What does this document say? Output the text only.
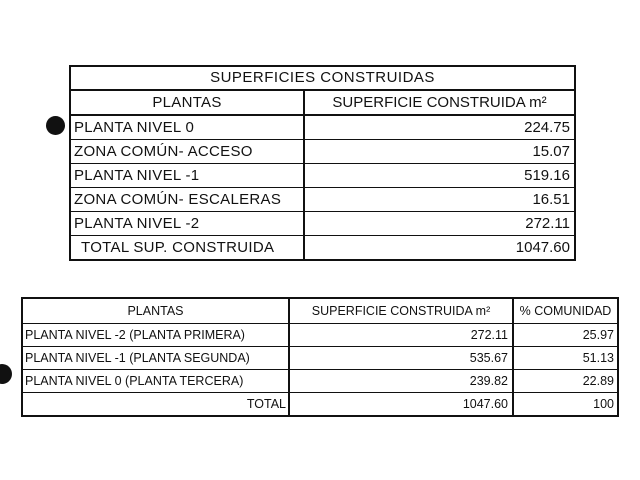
SUPERFICIES CONSTRUIDAS
PLANTAS	SUPERFICIE CONSTRUIDA m²
PLANTA NIVEL 0	224.75
ZONA COMÚN- ACCESO	15.07
PLANTA NIVEL -1	519.16
ZONA COMÚN- ESCALERAS	16.51
PLANTA NIVEL -2	272.11
TOTAL SUP. CONSTRUIDA	1047.60
PLANTAS	SUPERFICIE CONSTRUIDA m²	% COMUNIDAD
PLANTA NIVEL -2 (PLANTA PRIMERA)	272.11	25.97
PLANTA NIVEL -1 (PLANTA SEGUNDA)	535.67	51.13
PLANTA NIVEL 0 (PLANTA TERCERA)	239.82	22.89
TOTAL	1047.60	100
